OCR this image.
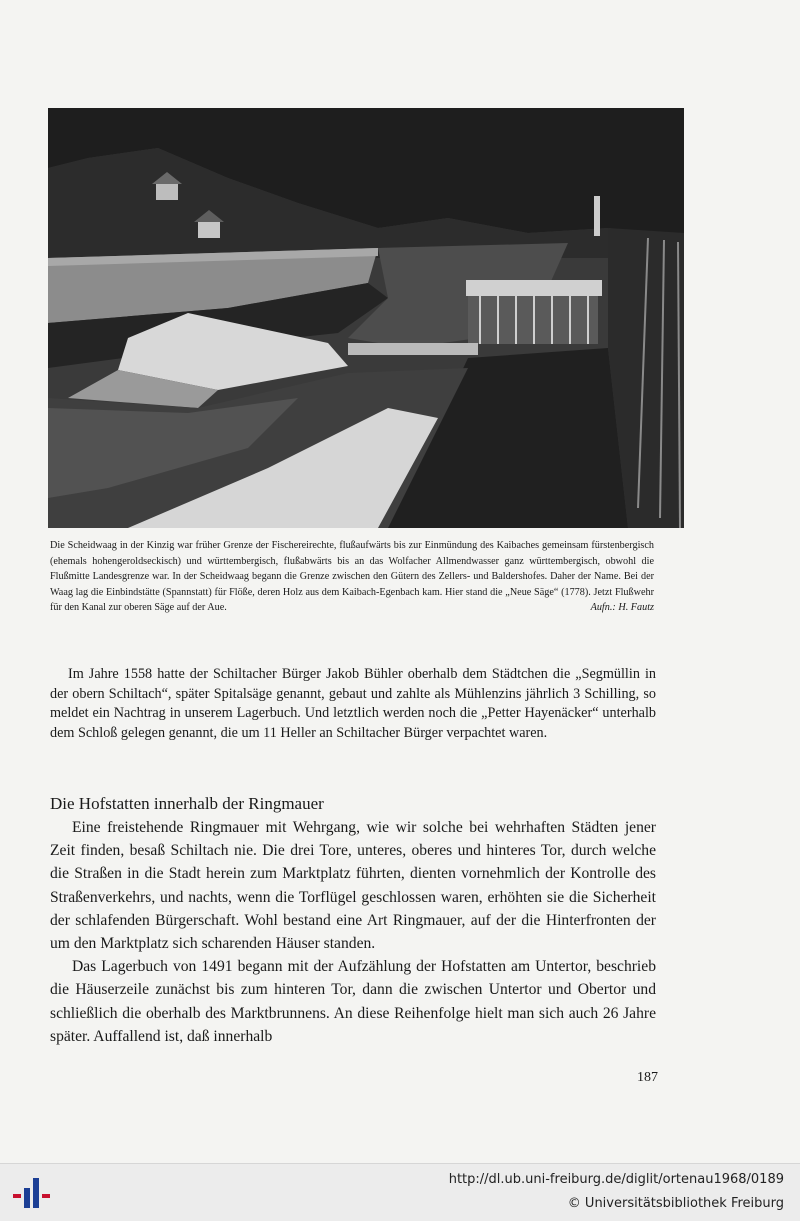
Die Scheidwaag in der Kinzig war früher Grenze der Fischereirechte, flußaufwärts bis zur Einmündung des Kaibaches gemeinsam fürstenbergisch (ehemals hohengeroldseckisch) und württembergisch, flußabwärts bis an das Wolfacher Allmendwasser ganz württembergisch, obwohl die Flußmitte Landesgrenze war. In der Scheidwaag begann die Grenze zwischen den Gütern des Zellers- und Baldershofes. Daher der Name. Bei der Waag lag die Einbindstätte (Spannstatt) für Flöße, deren Holz aus dem Kaibach-Egenbach kam. Hier stand die „Neue Säge“ (1778). Jetzt Flußwehr für den Kanal zur oberen Säge auf der Aue.	Aufn.: H. Fautz

Im Jahre 1558 hatte der Schiltacher Bürger Jakob Bühler oberhalb dem Städtchen die „Segmüllin in der obern Schiltach“, später Spitalsäge genannt, gebaut und zahlte als Mühlenzins jährlich 3 Schilling, so meldet ein Nachtrag in unserem Lagerbuch. Und letztlich werden noch die „Petter Hayenäcker“ unterhalb dem Schloß gelegen genannt, die um 11 Heller an Schiltacher Bürger verpachtet waren.

Die Hofstatten innerhalb der Ringmauer

Eine freistehende Ringmauer mit Wehrgang, wie wir solche bei wehrhaften Städten jener Zeit finden, besaß Schiltach nie. Die drei Tore, unteres, oberes und hinteres Tor, durch welche die Straßen in die Stadt herein zum Marktplatz führten, dienten vornehmlich der Kontrolle des Straßenverkehrs, und nachts, wenn die Torflügel geschlossen waren, erhöhten sie die Sicherheit der schlafenden Bürgerschaft. Wohl bestand eine Art Ringmauer, auf der die Hinterfronten der um den Marktplatz sich scharenden Häuser standen.

Das Lagerbuch von 1491 begann mit der Aufzählung der Hofstatten am Untertor, beschrieb die Häuserzeile zunächst bis zum hinteren Tor, dann die zwischen Untertor und Obertor und schließlich die oberhalb des Marktbrunnens. An diese Reihenfolge hielt man sich auch 26 Jahre später. Auffallend ist, daß innerhalb

187
http://dl.ub.uni-freiburg.de/diglit/ortenau1968/0189
© Universitätsbibliothek Freiburg
